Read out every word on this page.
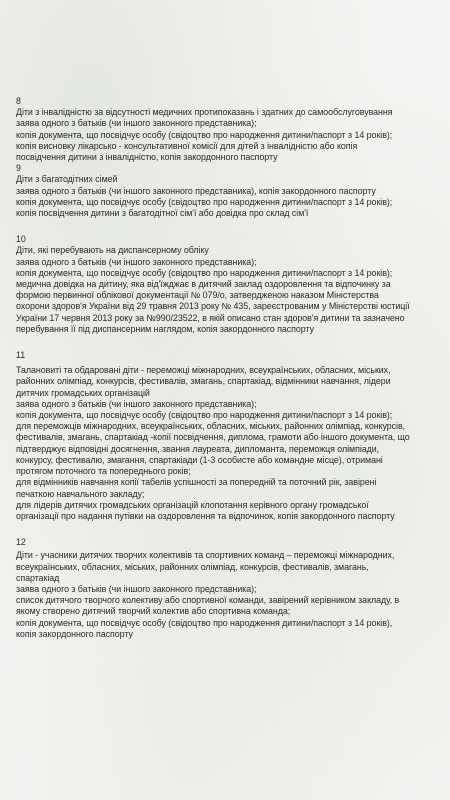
8
Діти з інвалідністю за відсутності медичних протипоказань і здатних до самообслуговування
заява одного з батьків (чи іншого законного представника);
копія документа, що посвідчує особу (свідоцтво про народження дитини/паспорт з 14 років);
копія висновку лікарсько - консультативної комісії для дітей з інвалідністю або копія
посвідчення дитини з інвалідністю, копія закордонного паспорту
9
Діти з багатодітних сімей
заява одного з батьків (чи іншого законного представника), копія закордонного паспорту
копія документа, що посвідчує особу (свідоцтво про народження дитини/паспорт з 14 років);
копія посвідчення дитини з багатодітної сім'ї або довідка про склад сім'ї
10
Діти, які перебувають на диспансерному обліку
заява одного з батьків (чи іншого законного представника);
копія документа, що посвідчує особу (свідоцтво про народження дитини/паспорт з 14 років);
медична довідка на дитину, яка від'їжджає в дитячий заклад оздоровлення та відпочинку за
формою первинної облікової документації № 079/о, затвердженою наказом Міністерства
охорони здоров'я України від 29 травня 2013 року № 435, зареєстрованим у Міністерстві юстиції
України 17 червня 2013 року за №990/23522, в якій описано стан здоров'я дитини та зазначено
перебування її під диспансерним наглядом, копія закордонного паспорту
11
Талановиті та обдаровані діти - переможці міжнародних, всеукраїнських, обласних, міських,
районних олімпіад, конкурсів, фестивалів, змагань, спартакіад, відмінники навчання, лідери
дитячих громадських організацій
заява одного з батьків (чи іншого законного представника);
копія документа, що посвідчує особу (свідоцтво про народження дитини/паспорт з 14 років);
для переможців міжнародних, всеукраїнських, обласних, міських, районних олімпіад, конкурсів,
фестивалів, змагань, спартакіад -копії посвідчення, диплома, грамоти або іншого документа, що
підтверджує відповідні досягнення, звання лауреата, дипломанта, переможця олімпіади,
конкурсу, фестивалю, змагання, спартакіади (1-3 особисте або командне місце), отримані
протягом поточного та попереднього років;
для відмінників навчання копії табелів успішності за попередній та поточний рік, завірені
печаткою навчального закладу;
для лідерів дитячих громадських організацій клопотання керівного органу громадської
організації про надання путівки на оздоровлення та відпочинок, копія закордонного паспорту
12
Діти - учасники дитячих творчих колективів та спортивних команд – переможці міжнародних,
всеукраїнських, обласних, міських, районних олімпіад, конкурсів, фестивалів, змагань,
спартакіад
заява одного з батьків (чи іншого законного представника);
список дитячого творчого колективу або спортивної команди, завірений керівником закладу, в
якому створено дитячий творчий колектив або спортивна команда;
копія документа, що посвідчує особу (свідоцтво про народження дитини/паспорт з 14 років),
копія закордонного паспорту
